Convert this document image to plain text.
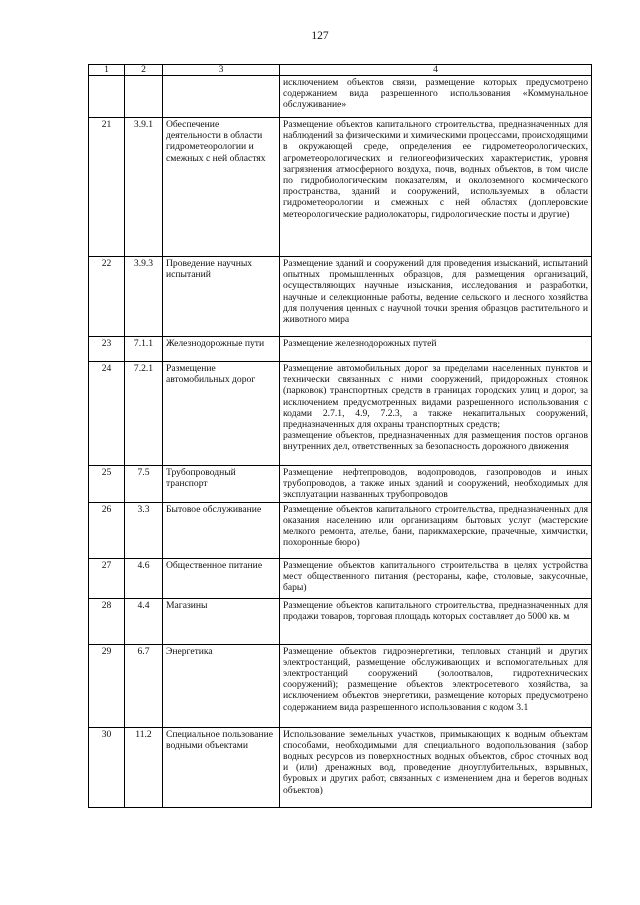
127
1	2	3	4
			исключением объектов связи, размещение которых предусмотрено содержанием вида разрешенного использования «Коммунальное обслуживание»
21	3.9.1	Обеспечение деятельности в области гидрометеорологии и смежных с ней областях	Размещение объектов капитального строительства, предназначенных для наблюдений за физическими и химическими процессами, происходящими в окружающей среде, определения ее гидрометеорологических, агрометеорологических и гелиогеофизических характеристик, уровня загрязнения атмосферного воздуха, почв, водных объектов, в том числе по гидробиологическим показателям, и околоземного космического пространства, зданий и сооружений, используемых в области гидрометеорологии и смежных с ней областях (доплеровские метеорологические радиолокаторы, гидрологические посты и другие)
22	3.9.3	Проведение научных испытаний	Размещение зданий и сооружений для проведения изысканий, испытаний опытных промышленных образцов, для размещения организаций, осуществляющих научные изыскания, исследования и разработки, научные и селекционные работы, ведение сельского и лесного хозяйства для получения ценных с научной точки зрения образцов растительного и животного мира
23	7.1.1	Железнодорожные пути	Размещение железнодорожных путей
24	7.2.1	Размещение автомобильных дорог	Размещение автомобильных дорог за пределами населенных пунктов и технически связанных с ними сооружений, придорожных стоянок (парковок) транспортных средств в границах городских улиц и дорог, за исключением предусмотренных видами разрешенного использования с кодами 2.7.1, 4.9, 7.2.3, а также некапитальных сооружений, предназначенных для охраны транспортных средств;
размещение объектов, предназначенных для размещения постов органов внутренних дел, ответственных за безопасность дорожного движения

25	7.5	Трубопроводный транспорт	Размещение нефтепроводов, водопроводов, газопроводов и иных трубопроводов, а также иных зданий и сооружений, необходимых для эксплуатации названных трубопроводов
26	3.3	Бытовое обслуживание	Размещение объектов капитального строительства, предназначенных для оказания населению или организациям бытовых услуг (мастерские мелкого ремонта, ателье, бани, парикмахерские, прачечные, химчистки, похоронные бюро)
27	4.6	Общественное питание	Размещение объектов капитального строительства в целях устройства мест общественного питания (рестораны, кафе, столовые, закусочные, бары)
28	4.4	Магазины	Размещение объектов капитального строительства, предназначенных для продажи товаров, торговая площадь которых составляет до 5000 кв. м
29	6.7	Энергетика	Размещение объектов гидроэнергетики, тепловых станций и других электростанций, размещение обслуживающих и вспомогательных для электростанций сооружений (золоотвалов, гидротехнических сооружений); размещение объектов электросетевого хозяйства, за исключением объектов энергетики, размещение которых предусмотрено содержанием вида разрешенного использования с кодом 3.1
30	11.2	Специальное пользование водными объектами	Использование земельных участков, примыкающих к водным объектам способами, необходимыми для специального водопользования (забор водных ресурсов из поверхностных водных объектов, сброс сточных вод и (или) дренажных вод, проведение дноуглубительных, взрывных, буровых и других работ, связанных с изменением дна и берегов водных объектов)
